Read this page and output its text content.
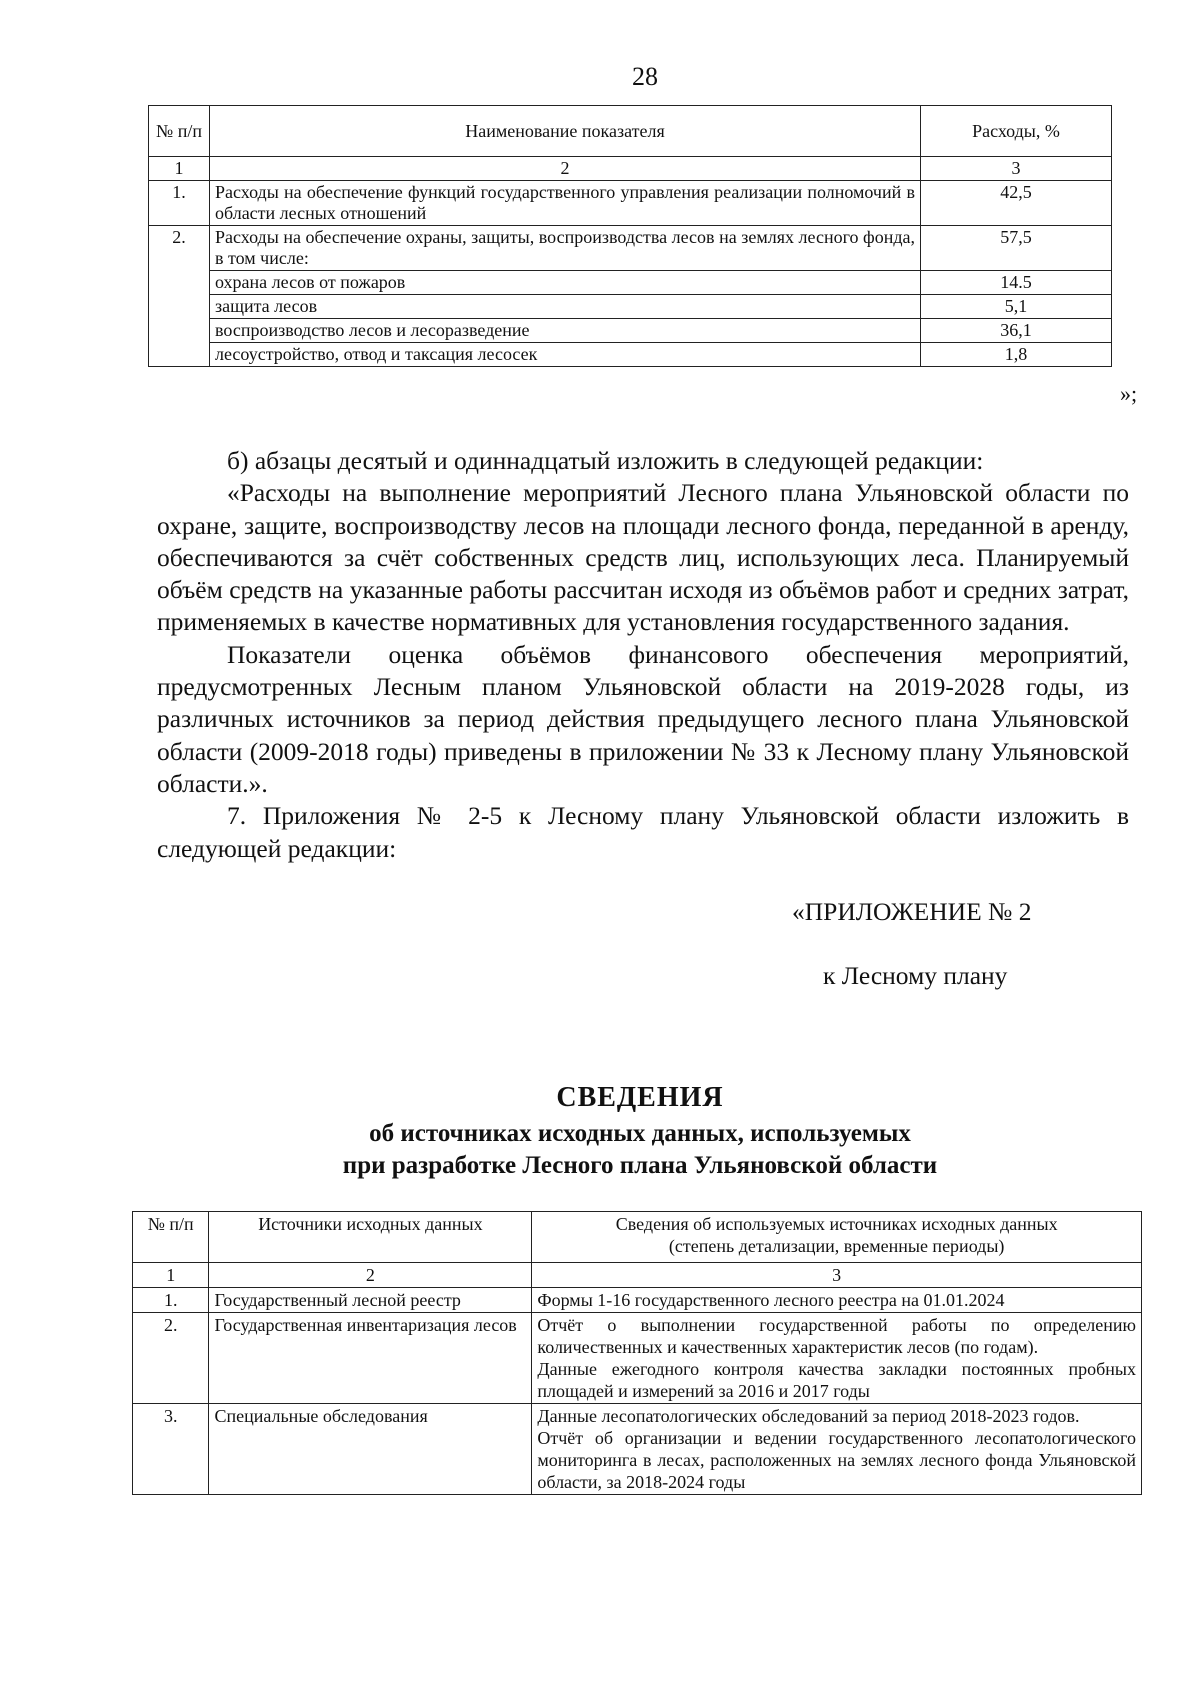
28
№ п/п	Наименование показателя	Расходы, %
1	2	3
1.	Расходы на обеспечение функций государственного управления реализации полномочий в области лесных отношений	42,5
2.	Расходы на обеспечение охраны, защиты, воспроизводства лесов на землях лесного фонда, в том числе:	57,5
	охрана лесов от пожаров	14.5
	защита лесов	5,1
	воспроизводство лесов и лесоразведение	36,1
	лесоустройство, отвод и таксация лесосек	1,8
»;

б) абзацы десятый и одиннадцатый изложить в следующей редакции:

«Расходы на выполнение мероприятий Лесного плана Ульяновской области по охране, защите, воспроизводству лесов на площади лесного фонда, переданной в аренду, обеспечиваются за счёт собственных средств лиц, использующих леса. Планируемый объём средств на указанные работы рассчитан исходя из объёмов работ и средних затрат, применяемых в качестве нормативных для установления государственного задания.

Показатели оценка объёмов финансового обеспечения мероприятий, предусмотренных Лесным планом Ульяновской области на 2019-2028 годы, из различных источников за период действия предыдущего лесного плана Ульяновской области (2009-2018 годы) приведены в приложении № 33 к Лесному плану Ульяновской области.».

7. Приложения № 2-5 к Лесному плану Ульяновской области изложить в следующей редакции:

«ПРИЛОЖЕНИЕ № 2
к Лесному плану
СВЕДЕНИЯ
об источниках исходных данных, используемых
при разработке Лесного плана Ульяновской области
№ п/п	Источники исходных данных	Сведения об используемых источниках исходных данных
(степень детализации, временные периоды)
1	2	3
1.	Государственный лесной реестр	Формы 1-16 государственного лесного реестра на 01.01.2024
2.	Государственная инвентаризация лесов	Отчёт о выполнении государственной работы по определению количественных и качественных характеристик лесов (по годам).
Данные ежегодного контроля качества закладки постоянных пробных площадей и измерений за 2016 и 2017 годы

3.	Специальные обследования	Данные лесопатологических обследований за период 2018-2023 годов.
Отчёт об организации и ведении государственного лесопатологического мониторинга в лесах, расположенных на землях лесного фонда Ульяновской области, за 2018-2024 годы
